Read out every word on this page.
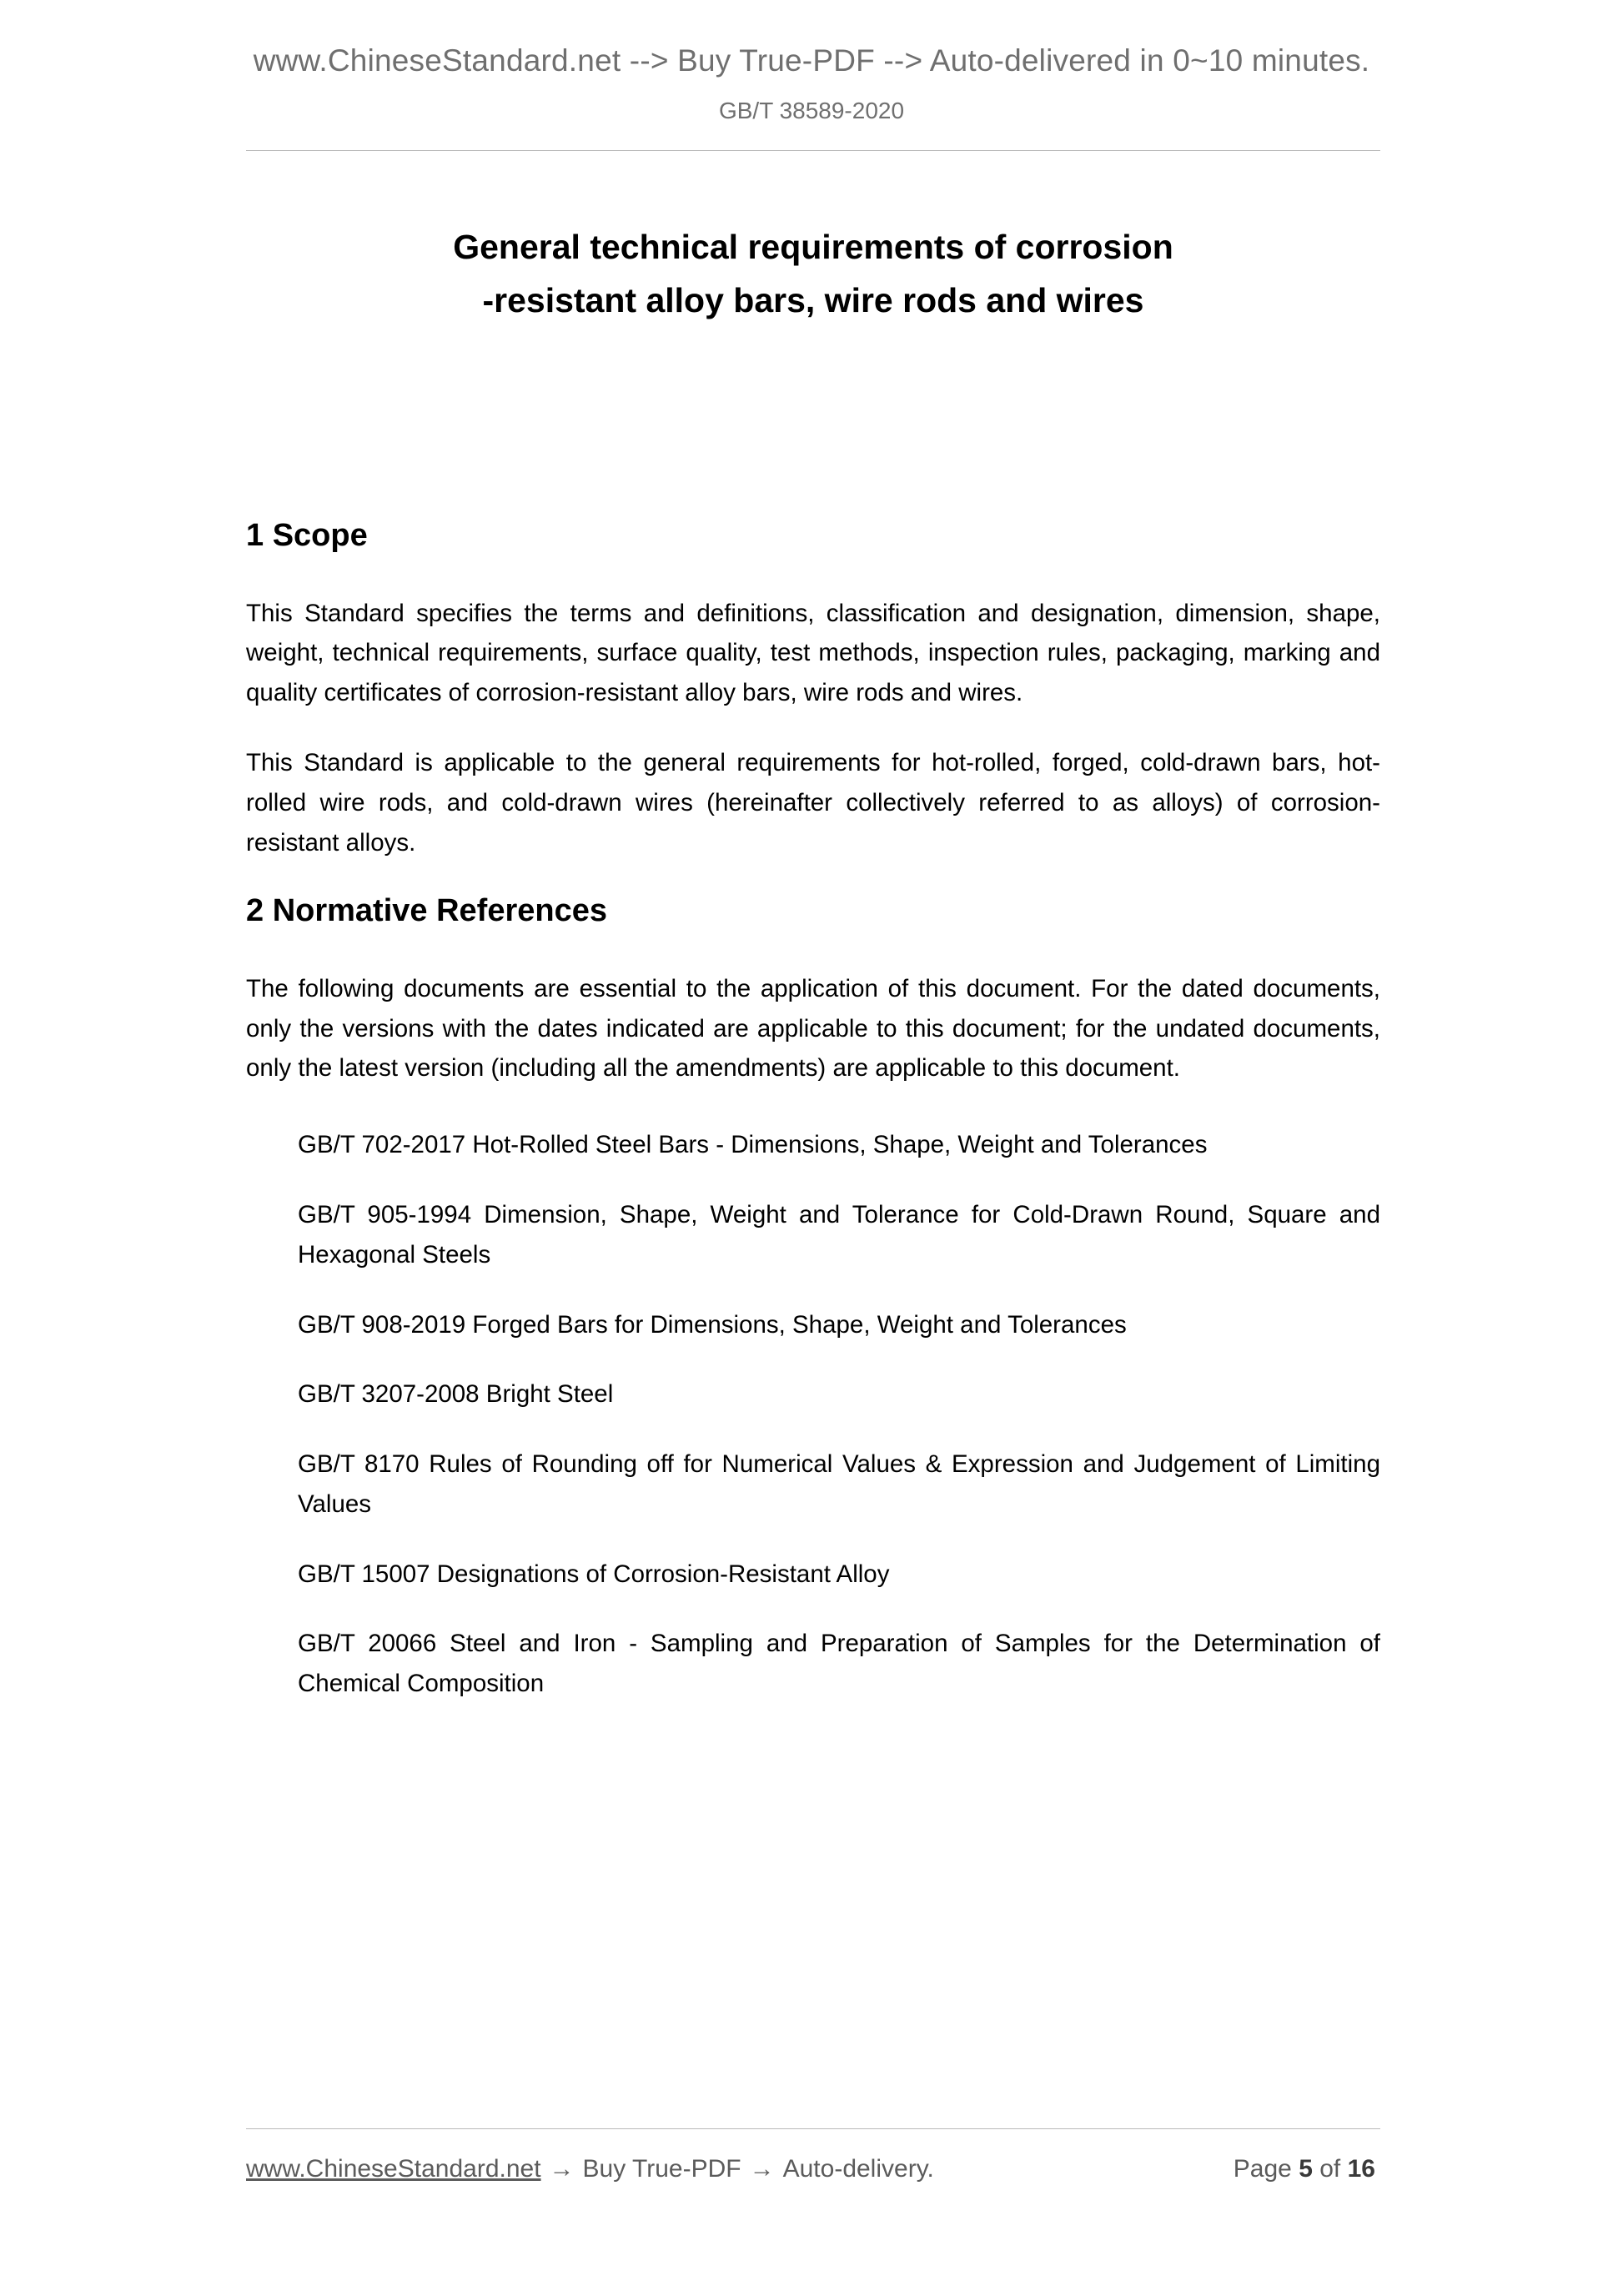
www.ChineseStandard.net --> Buy True-PDF --> Auto-delivered in 0~10 minutes.
GB/T 38589-2020
General technical requirements of corrosion
-resistant alloy bars, wire rods and wires
1 Scope

This Standard specifies the terms and definitions, classification and designation, dimension, shape, weight, technical requirements, surface quality, test methods, inspection rules, packaging, marking and quality certificates of corrosion-resistant alloy bars, wire rods and wires.

This Standard is applicable to the general requirements for hot-rolled, forged, cold-drawn bars, hot-rolled wire rods, and cold-drawn wires (hereinafter collectively referred to as alloys) of corrosion-resistant alloys.

2 Normative References

The following documents are essential to the application of this document. For the dated documents, only the versions with the dates indicated are applicable to this document; for the undated documents, only the latest version (including all the amendments) are applicable to this document.

GB/T 702-2017 Hot-Rolled Steel Bars - Dimensions, Shape, Weight and Tolerances

GB/T 905-1994 Dimension, Shape, Weight and Tolerance for Cold-Drawn Round, Square and Hexagonal Steels

GB/T 908-2019 Forged Bars for Dimensions, Shape, Weight and Tolerances

GB/T 3207-2008 Bright Steel

GB/T 8170 Rules of Rounding off for Numerical Values & Expression and Judgement of Limiting Values

GB/T 15007 Designations of Corrosion-Resistant Alloy

GB/T 20066 Steel and Iron - Sampling and Preparation of Samples for the Determination of Chemical Composition

www.ChineseStandard.net → Buy True-PDF → Auto-delivery.	Page 5 of 16
